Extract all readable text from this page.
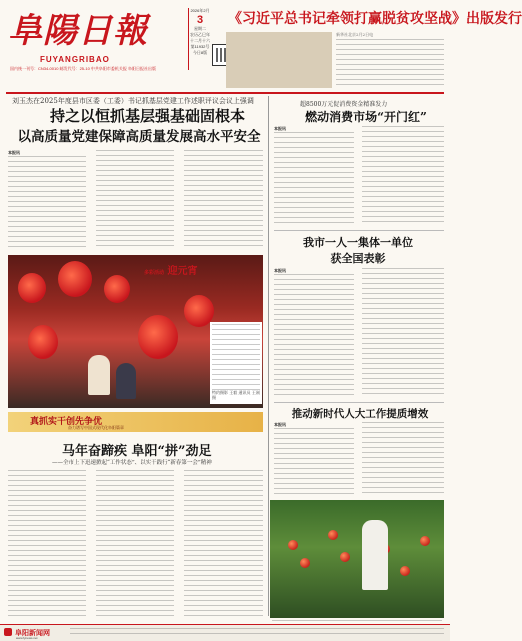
阜陽日報
FUYANGRIBAO
国内统一刊号：CN34-0010 邮发代号：25-10 中共阜阳市委机关报 阜阳日报社出版
2026年2月
3
星期二
农历乙巳年十二月十六
第11932号
今日8版
《习近平总书记牵领打赢脱贫攻坚战》出版发行
新华社北京2月2日电
刘玉杰在2025年度县市区委（工委）书记抓基层党建工作述职评议会议上强调
持之以恒抓基层强基础固根本
以高质量党建保障高质量发展高水平安全
本报讯
超8500万元促消费资金精准发力
燃动消费市场“开门红”
本报讯
我市一人一集体一单位
获全国表彰
本报讯
推动新时代人大工作提质增效
本报讯
多彩活动 迎元宵
特约摄影 王毅 通讯员 王刚 摄
真抓实干创先争优
奋力谱写中国式现代化阜阳篇章
马年奋蹄疾 阜阳“拼”劲足
——全市上下迅速掀起“工作状态”、以实干践行“新春第一会”精神
阜阳新闻网
www.fynews.net
